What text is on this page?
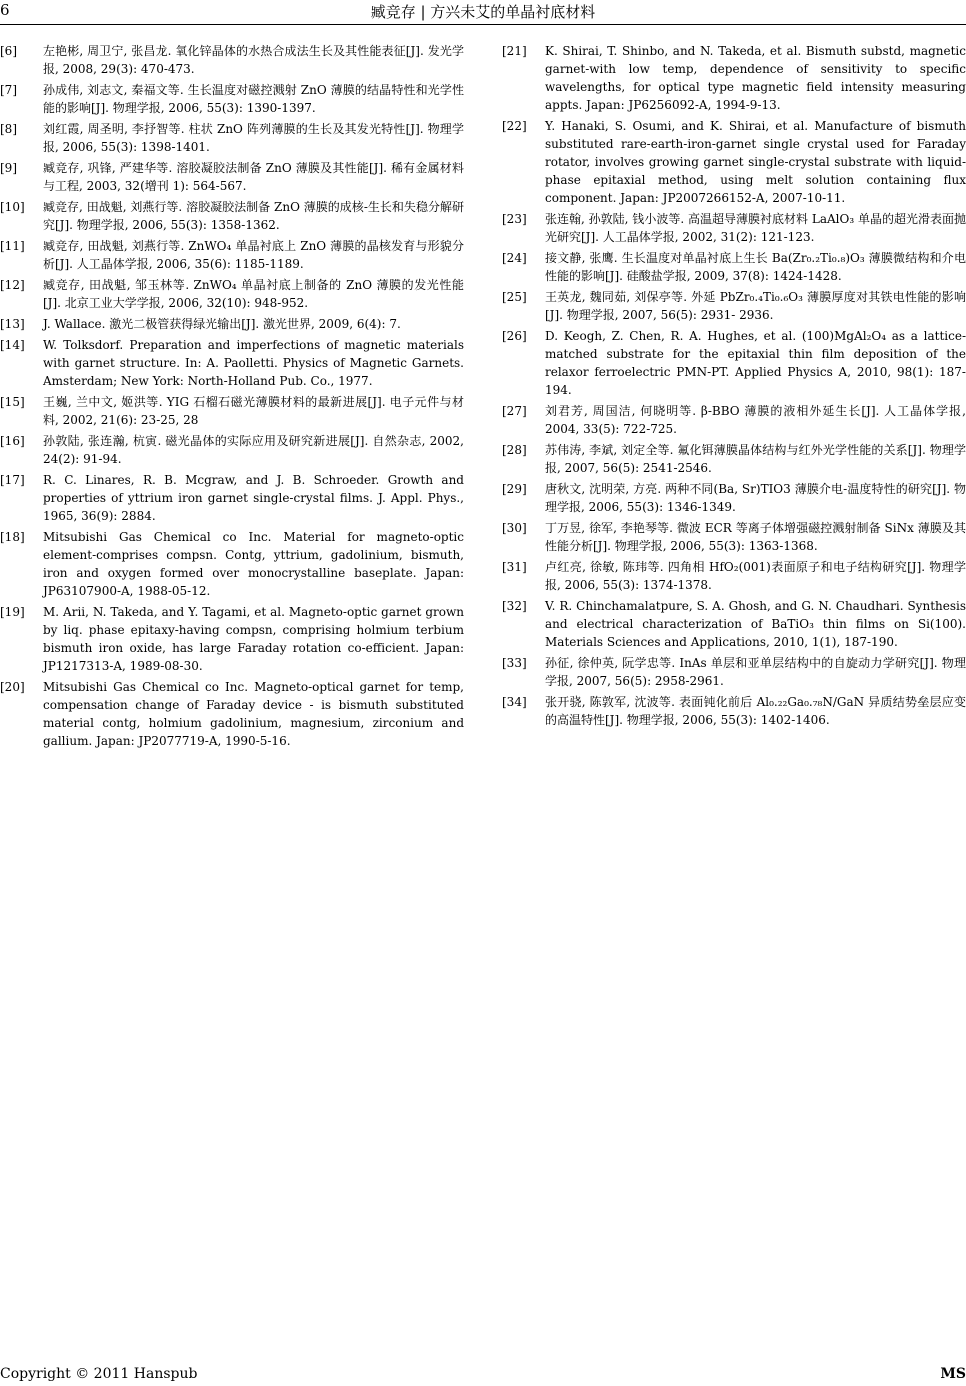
6	臧竞存 | 方兴未艾的单晶衬底材料
[6]	左艳彬, 周卫宁, 张昌龙. 氧化锌晶体的水热合成法生长及其性能表征[J]. 发光学报, 2008, 29(3): 470-473.
[7]	孙成伟, 刘志文, 秦福文等. 生长温度对磁控溅射 ZnO 薄膜的结晶特性和光学性能的影响[J]. 物理学报, 2006, 55(3): 1390-1397.
[8]	刘红霞, 周圣明, 李抒智等. 柱状 ZnO 阵列薄膜的生长及其发光特性[J]. 物理学报, 2006, 55(3): 1398-1401.
[9]	臧竞存, 巩锋, 严建华等. 溶胶凝胶法制备 ZnO 薄膜及其性能[J]. 稀有金属材料与工程, 2003, 32(增刊 1): 564-567.
[10]	臧竞存, 田战魁, 刘燕行等. 溶胶凝胶法制备 ZnO 薄膜的成核-生长和失稳分解研究[J]. 物理学报, 2006, 55(3): 1358-1362.
[11]	臧竞存, 田战魁, 刘燕行等. ZnWO₄ 单晶衬底上 ZnO 薄膜的晶核发育与形貌分析[J]. 人工晶体学报, 2006, 35(6): 1185-1189.
[12]	臧竞存, 田战魁, 邹玉林等. ZnWO₄ 单晶衬底上制备的 ZnO 薄膜的发光性能[J]. 北京工业大学学报, 2006, 32(10): 948-952.
[13]	J. Wallace. 激光二极管获得绿光输出[J]. 激光世界, 2009, 6(4): 7.
[14]	W. Tolksdorf. Preparation and imperfections of magnetic materials with garnet structure. In: A. Paolletti. Physics of Magnetic Garnets. Amsterdam; New York: North-Holland Pub. Co., 1977.
[15]	王巍, 兰中文, 姬洪等. YIG 石榴石磁光薄膜材料的最新进展[J]. 电子元件与材料, 2002, 21(6): 23-25, 28
[16]	孙敦陆, 张连瀚, 杭寅. 磁光晶体的实际应用及研究新进展[J]. 自然杂志, 2002, 24(2): 91-94.
[17]	R. C. Linares, R. B. Mcgraw, and J. B. Schroeder. Growth and properties of yttrium iron garnet single-crystal films. J. Appl. Phys., 1965, 36(9): 2884.
[18]	Mitsubishi Gas Chemical co Inc. Material for magneto-optic element-comprises compsn. Contg, yttrium, gadolinium, bismuth, iron and oxygen formed over monocrystalline baseplate. Japan: JP63107900-A, 1988-05-12.
[19]	M. Arii, N. Takeda, and Y. Tagami, et al. Magneto-optic garnet grown by liq. phase epitaxy-having compsn, comprising holmium terbium bismuth iron oxide, has large Faraday rotation co-efficient. Japan: JP1217313-A, 1989-08-30.
[20]	Mitsubishi Gas Chemical co Inc. Magneto-optical garnet for temp, compensation change of Faraday device - is bismuth substituted material contg, holmium gadolinium, magnesium, zirconium and gallium. Japan: JP2077719-A, 1990-5-16.
[21]	K. Shirai, T. Shinbo, and N. Takeda, et al. Bismuth substd, magnetic garnet-with low temp, dependence of sensitivity to specific wavelengths, for optical type magnetic field intensity measuring appts. Japan: JP6256092-A, 1994-9-13.
[22]	Y. Hanaki, S. Osumi, and K. Shirai, et al. Manufacture of bismuth substituted rare-earth-iron-garnet single crystal used for Faraday rotator, involves growing garnet single-crystal substrate with liquid-phase epitaxial method, using melt solution containing flux component. Japan: JP2007266152-A, 2007-10-11.
[23]	张连翰, 孙敦陆, 钱小波等. 高温超导薄膜衬底材料 LaAlO₃ 单晶的超光滑表面抛光研究[J]. 人工晶体学报, 2002, 31(2): 121-123.
[24]	接文静, 张鹰. 生长温度对单晶衬底上生长 Ba(Zr₀.₂Ti₀.₈)O₃ 薄膜微结构和介电性能的影响[J]. 硅酸盐学报, 2009, 37(8): 1424-1428.
[25]	王英龙, 魏同茹, 刘保亭等. 外延 PbZr₀.₄Ti₀.₆O₃ 薄膜厚度对其铁电性能的影响[J]. 物理学报, 2007, 56(5): 2931- 2936.
[26]	D. Keogh, Z. Chen, R. A. Hughes, et al. (100)MgAl₂O₄ as a lattice-matched substrate for the epitaxial thin film deposition of the relaxor ferroelectric PMN-PT. Applied Physics A, 2010, 98(1): 187-194.
[27]	刘君芳, 周国洁, 何晓明等. β-BBO 薄膜的液相外延生长[J]. 人工晶体学报, 2004, 33(5): 722-725.
[28]	苏伟涛, 李斌, 刘定全等. 氟化铒薄膜晶体结构与红外光学性能的关系[J]. 物理学报, 2007, 56(5): 2541-2546.
[29]	唐秋文, 沈明荣, 方亮. 两种不同(Ba, Sr)TIO3 薄膜介电-温度特性的研究[J]. 物理学报, 2006, 55(3): 1346-1349.
[30]	丁万昱, 徐军, 李艳琴等. 微波 ECR 等离子体增强磁控溅射制备 SiNx 薄膜及其性能分析[J]. 物理学报, 2006, 55(3): 1363-1368.
[31]	卢红亮, 徐敏, 陈玮等. 四角相 HfO₂(001)表面原子和电子结构研究[J]. 物理学报, 2006, 55(3): 1374-1378.
[32]	V. R. Chinchamalatpure, S. A. Ghosh, and G. N. Chaudhari. Synthesis and electrical characterization of BaTiO₃ thin films on Si(100). Materials Sciences and Applications, 2010, 1(1), 187-190.
[33]	孙征, 徐仲英, 阮学忠等. InAs 单层和亚单层结构中的自旋动力学研究[J]. 物理学报, 2007, 56(5): 2958-2961.
[34]	张开骁, 陈敦军, 沈波等. 表面钝化前后 Al₀.₂₂Ga₀.₇₈N/GaN 异质结势垒层应变的高温特性[J]. 物理学报, 2006, 55(3): 1402-1406.
Copyright © 2011 Hanspub	MS
